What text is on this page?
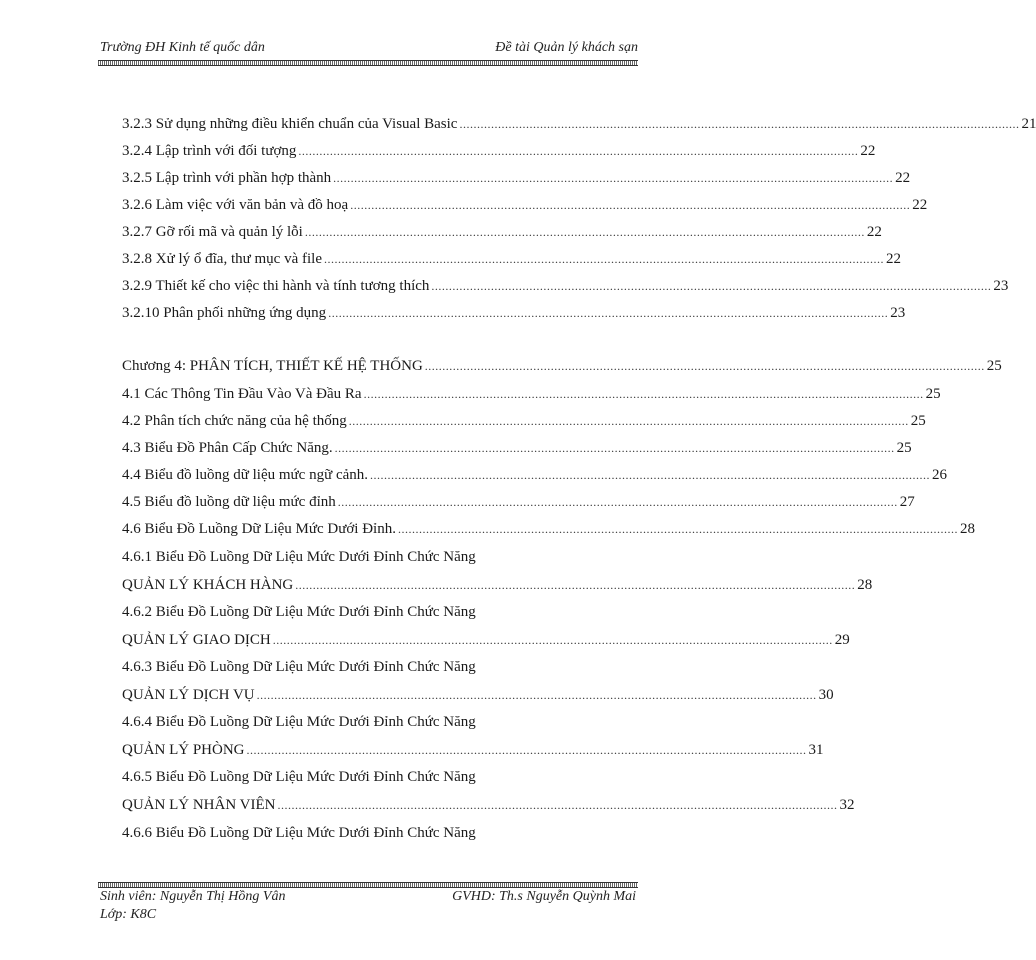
Trường ĐH Kinh tế quốc dân	Đề tài Quản lý khách sạn
3.2.3 Sử dụng những điều khiển chuẩn của Visual Basic ................................................................................................................................................................ 21
3.2.4 Lập trình với đối tượng ................................................................................................................................................................ 22
3.2.5 Lập trình với phần hợp thành ................................................................................................................................................................ 22
3.2.6 Làm việc với văn bản và đồ hoạ ................................................................................................................................................................ 22
3.2.7 Gỡ rối mã và quản lý lỗi ................................................................................................................................................................ 22
3.2.8 Xử lý ổ đĩa, thư mục và file ................................................................................................................................................................ 22
3.2.9 Thiết kế cho việc thi hành và tính tương thích ................................................................................................................................................................ 23
3.2.10 Phân phối những ứng dụng ................................................................................................................................................................ 23
Chương 4: PHÂN TÍCH, THIẾT KẾ HỆ THỐNG ................................................................................................................................................................ 25
4.1 Các Thông Tin Đầu Vào Và Đầu Ra ................................................................................................................................................................ 25
4.2 Phân tích chức năng của hệ thống ................................................................................................................................................................ 25
4.3 Biểu Đồ Phân Cấp Chức Năng. ................................................................................................................................................................ 25
4.4 Biểu đồ luồng dữ liệu mức ngữ cảnh. ................................................................................................................................................................ 26
4.5 Biểu đồ luồng dữ liệu mức đỉnh ................................................................................................................................................................ 27
4.6 Biểu Đồ Luồng Dữ Liệu Mức Dưới Đỉnh. ................................................................................................................................................................ 28
4.6.1 Biểu Đồ Luồng Dữ Liệu Mức Dưới Đỉnh Chức Năng
QUẢN LÝ KHÁCH HÀNG ................................................................................................................................................................ 28
4.6.2 Biểu Đồ Luồng Dữ Liệu Mức Dưới Đỉnh Chức Năng
QUẢN LÝ GIAO DỊCH ................................................................................................................................................................ 29
4.6.3 Biểu Đồ Luồng Dữ Liệu Mức Dưới Đỉnh Chức Năng
QUẢN LÝ DỊCH VỤ ................................................................................................................................................................ 30
4.6.4 Biểu Đồ Luồng Dữ Liệu Mức Dưới Đỉnh Chức Năng
QUẢN LÝ PHÒNG ................................................................................................................................................................ 31
4.6.5 Biểu Đồ Luồng Dữ Liệu Mức Dưới Đỉnh Chức Năng
QUẢN LÝ NHÂN VIÊN ................................................................................................................................................................ 32
4.6.6 Biểu Đồ Luồng Dữ Liệu Mức Dưới Đỉnh Chức Năng
Sinh viên: Nguyễn Thị Hồng Vân	GVHD: Th.s Nguyễn Quỳnh Mai
Lớp: K8C
